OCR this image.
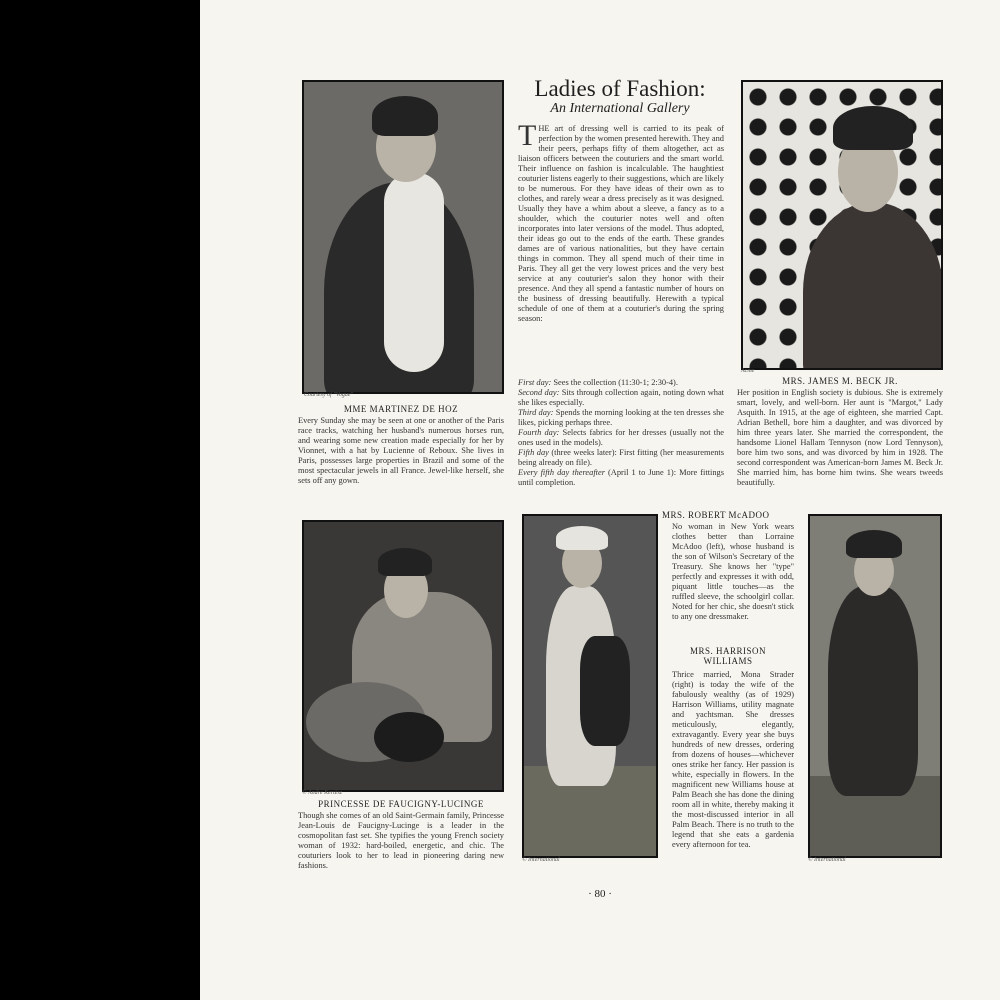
Courtesy of "Vogue"
MME MARTINEZ DE HOZ
Every Sunday she may be seen at one or another of the Paris race tracks, watching her husband's numerous horses run, and wearing some new creation made especially for her by Vionnet, with a hat by Lucienne of Reboux. She lives in Paris, possesses large properties in Brazil and some of the most spectacular jewels in all France. Jewel-like herself, she sets off any gown.
Ladies of Fashion:
An International Gallery
THE art of dressing well is carried to its peak of perfection by the women presented herewith. They and their peers, perhaps fifty of them altogether, act as liaison officers between the couturiers and the smart world. Their influence on fashion is incalculable. The haughtiest couturier listens eagerly to their suggestions, which are likely to be numerous. For they have ideas of their own as to clothes, and rarely wear a dress precisely as it was designed. Usually they have a whim about a sleeve, a fancy as to a shoulder, which the couturier notes well and often incorporates into later versions of the model. Thus adopted, their ideas go out to the ends of the earth. These grandes dames are of various nationalities, but they have certain things in common. They all spend much of their time in Paris. They all get the very lowest prices and the very best service at any couturier's salon they honor with their presence. And they all spend a fantastic number of hours on the business of dressing beautifully. Herewith a typical schedule of one of them at a couturier's during the spring season:

First day: Sees the collection (11:30-1; 2:30-4).

Second day: Sits through collection again, noting down what she likes especially.

Third day: Spends the morning looking at the ten dresses she likes, picking perhaps three.

Fourth day: Selects fabrics for her dresses (usually not the ones used in the models).

Fifth day (three weeks later): First fitting (her measurements being already on file).

Every fifth day thereafter (April 1 to June 1): More fittings until completion.

Acme
MRS. JAMES M. BECK JR.
Her position in English society is dubious. She is extremely smart, lovely, and well-born. Her aunt is "Margot," Lady Asquith. In 1915, at the age of eighteen, she married Capt. Adrian Bethell, bore him a daughter, and was divorced by him three years later. She married the correspondent, the handsome Lionel Hallam Tennyson (now Lord Tennyson), bore him two sons, and was divorced by him in 1928. The second correspondent was American-born James M. Beck Jr. She married him, has borne him twins. She wears tweeds beautifully.
© André Kertész
PRINCESSE DE FAUCIGNY-LUCINGE
Though she comes of an old Saint-Germain family, Princesse Jean-Louis de Faucigny-Lucinge is a leader in the cosmopolitan fast set. She typifies the young French society woman of 1932: hard-boiled, energetic, and chic. The couturiers look to her to lead in pioneering daring new fashions.
© International
MRS. ROBERT McADOO
No woman in New York wears clothes better than Lorraine McAdoo (left), whose husband is the son of Wilson's Secretary of the Treasury. She knows her "type" perfectly and expresses it with odd, piquant little touches—as the ruffled sleeve, the schoolgirl collar. Noted for her chic, she doesn't stick to any one dressmaker.
MRS. HARRISON WILLIAMS
Thrice married, Mona Strader (right) is today the wife of the fabulously wealthy (as of 1929) Harrison Williams, utility magnate and yachtsman. She dresses meticulously, elegantly, extravagantly. Every year she buys hundreds of new dresses, ordering from dozens of houses—whichever ones strike her fancy. Her passion is white, especially in flowers. In the magnificent new Williams house at Palm Beach she has done the dining room all in white, thereby making it the most-discussed interior in all Palm Beach. There is no truth to the legend that she eats a gardenia every afternoon for tea.
© International
· 80 ·
